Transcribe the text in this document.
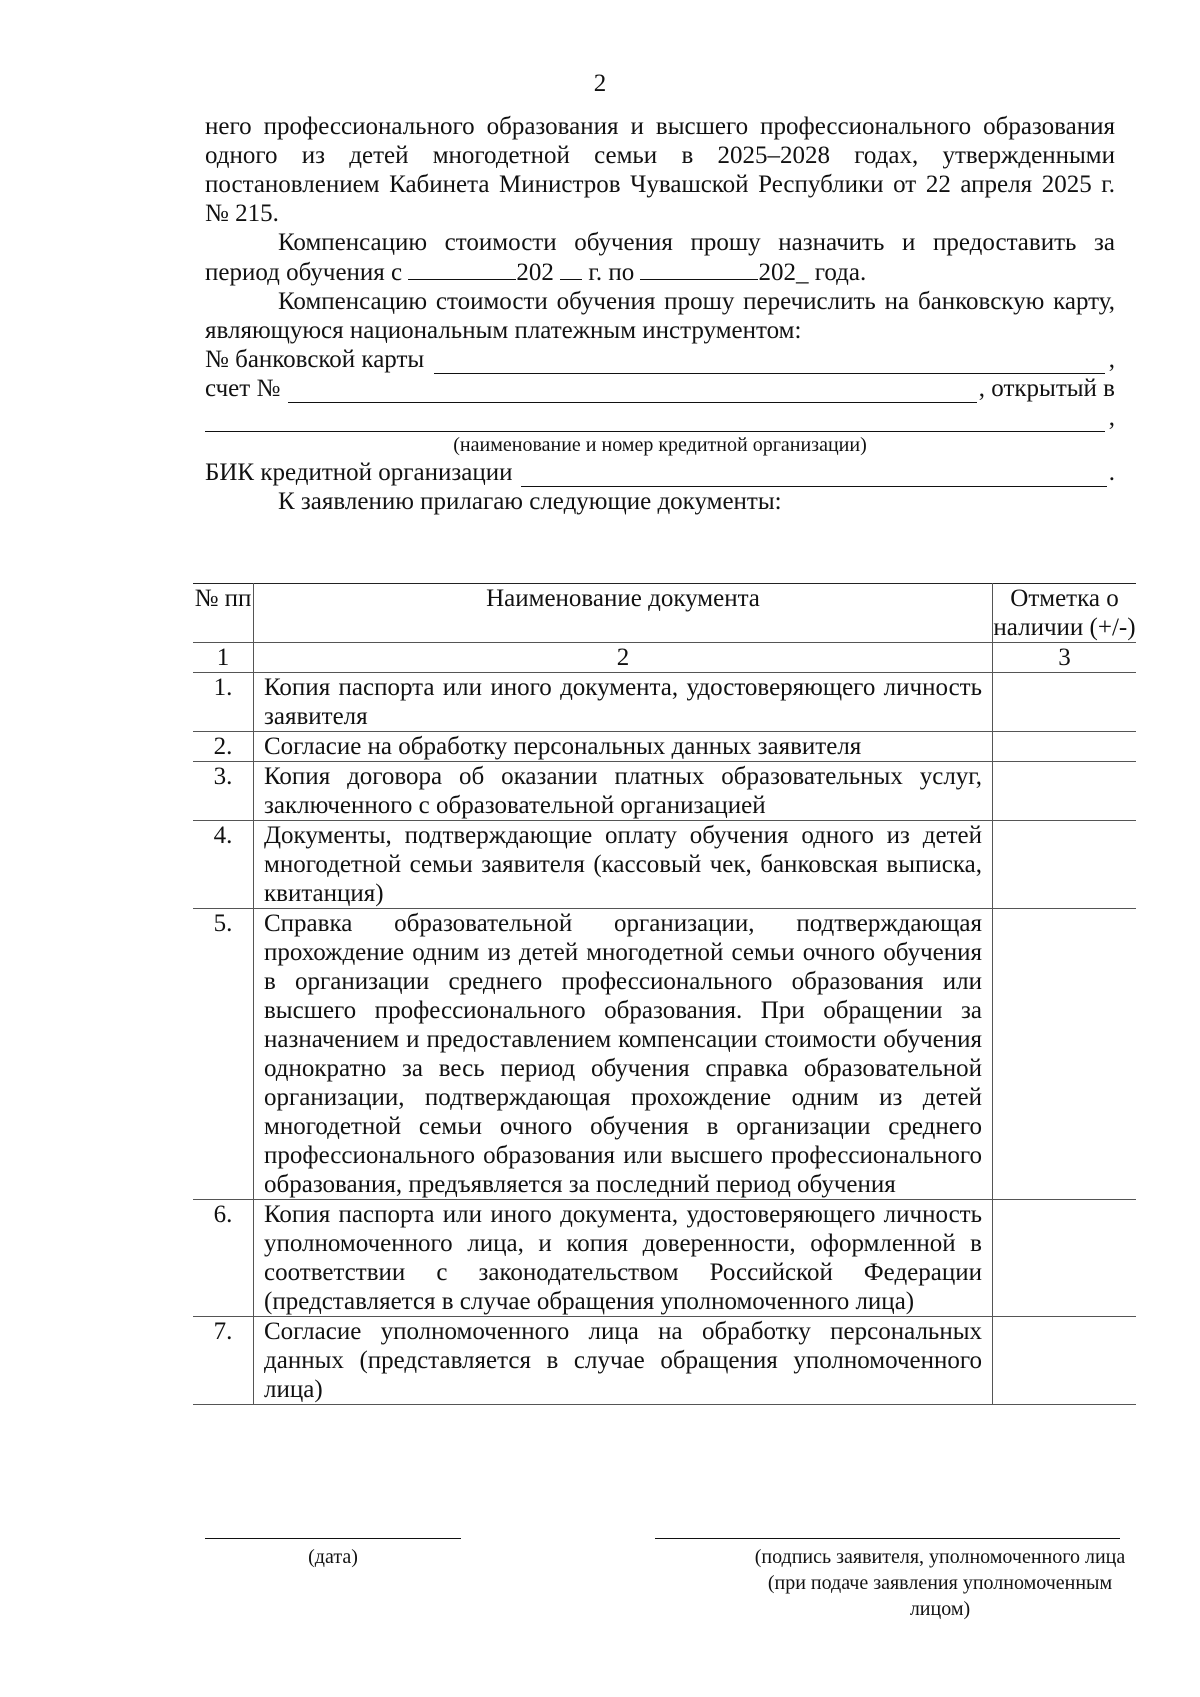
2

него профессионального образования и высшего профессионального образования одного из детей многодетной семьи в 2025–2028 годах, утвержденными постановлением Кабинета Министров Чувашской Республики от 22 апреля 2025 г. № 215.

Компенсацию стоимости обучения прошу назначить и предоставить за период обучения с	202 г. по	202_ года.

Компенсацию стоимости обучения прошу перечислить на банковскую карту, являющуюся национальным платежным инструментом:

№ банковской карты	,
счет №	, открытый в
,
(наименование и номер кредитной организации)
БИК кредитной организации	.

К заявлению прилагаю следующие документы:

№ пп	Наименование документа	Отметка о наличии (+/-)
1	2	3
1.	Копия паспорта или иного документа, удостоверяющего личность заявителя	
2.	Согласие на обработку персональных данных заявителя	
3.	Копия договора об оказании платных образовательных услуг, заключенного с образовательной организацией	
4.	Документы, подтверждающие оплату обучения одного из детей многодетной семьи заявителя (кассовый чек, банковская выписка, квитанция)	
5.	Справка образовательной организации, подтверждающая прохождение одним из детей многодетной семьи очного обучения в организации среднего профессионального образования или высшего профессионального образования. При обращении за назначением и предоставлением компенсации стоимости обучения однократно за весь период обучения справка образовательной организации, подтверждающая прохождение одним из детей многодетной семьи очного обучения в организации среднего профессионального образования или высшего профессионального образования, предъявляется за последний период обучения	
6.	Копия паспорта или иного документа, удостоверяющего личность уполномоченного лица, и копия доверенности, оформленной в соответствии с законодательством Российской Федерации (представляется в случае обращения уполномоченного лица)	
7.	Согласие уполномоченного лица на обработку персональных данных (представляется в случае обращения уполномоченного лица)	
(дата)	(подпись заявителя, уполномоченного лица (при подаче заявления уполномоченным лицом)
